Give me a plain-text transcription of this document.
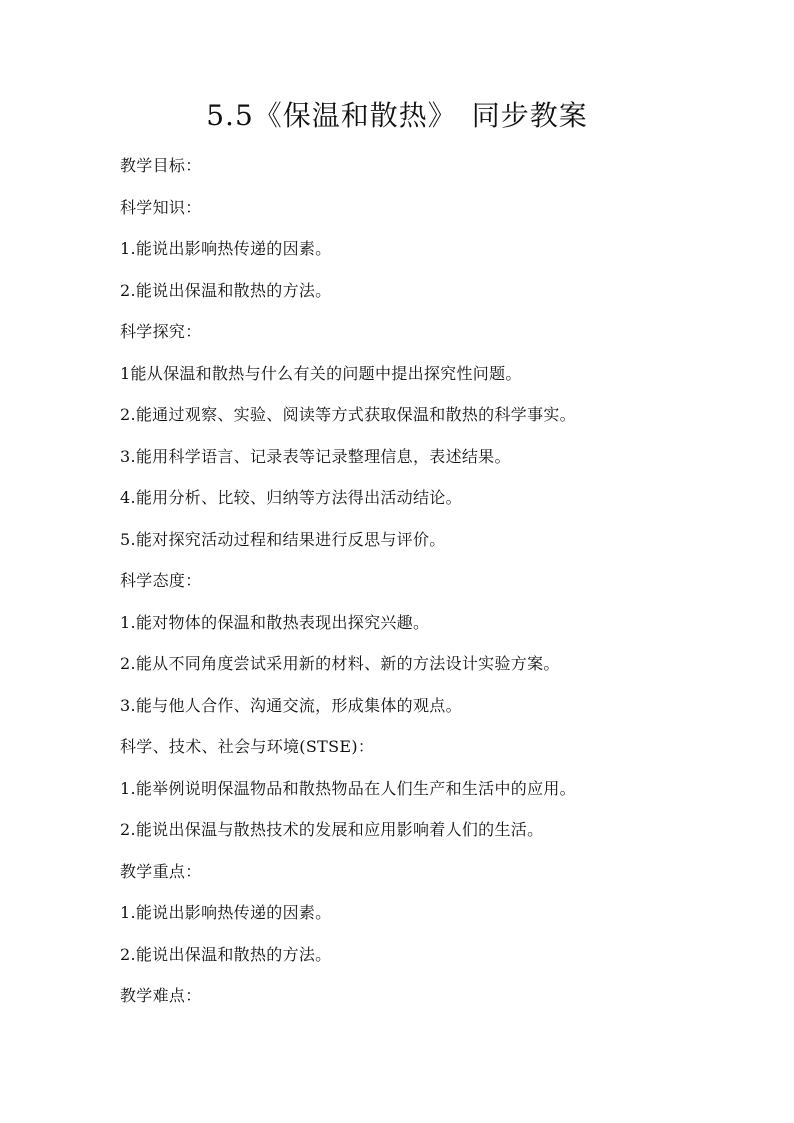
5.5《保温和散热》　同步教案
教学目标：
科学知识：
1.能说出影响热传递的因素。
2.能说出保温和散热的方法。
科学探究：
1能从保温和散热与什么有关的问题中提出探究性问题。
2.能通过观察、实验、阅读等方式获取保温和散热的科学事实。
3.能用科学语言、记录表等记录整理信息，表述结果。
4.能用分析、比较、归纳等方法得出活动结论。
5.能对探究活动过程和结果进行反思与评价。
科学态度：
1.能对物体的保温和散热表现出探究兴趣。
2.能从不同角度尝试采用新的材料、新的方法设计实验方案。
3.能与他人合作、沟通交流，形成集体的观点。
科学、技术、社会与环境(STSE)：
1.能举例说明保温物品和散热物品在人们生产和生活中的应用。
2.能说出保温与散热技术的发展和应用影响着人们的生活。
教学重点：
1.能说出影响热传递的因素。
2.能说出保温和散热的方法。
教学难点：
